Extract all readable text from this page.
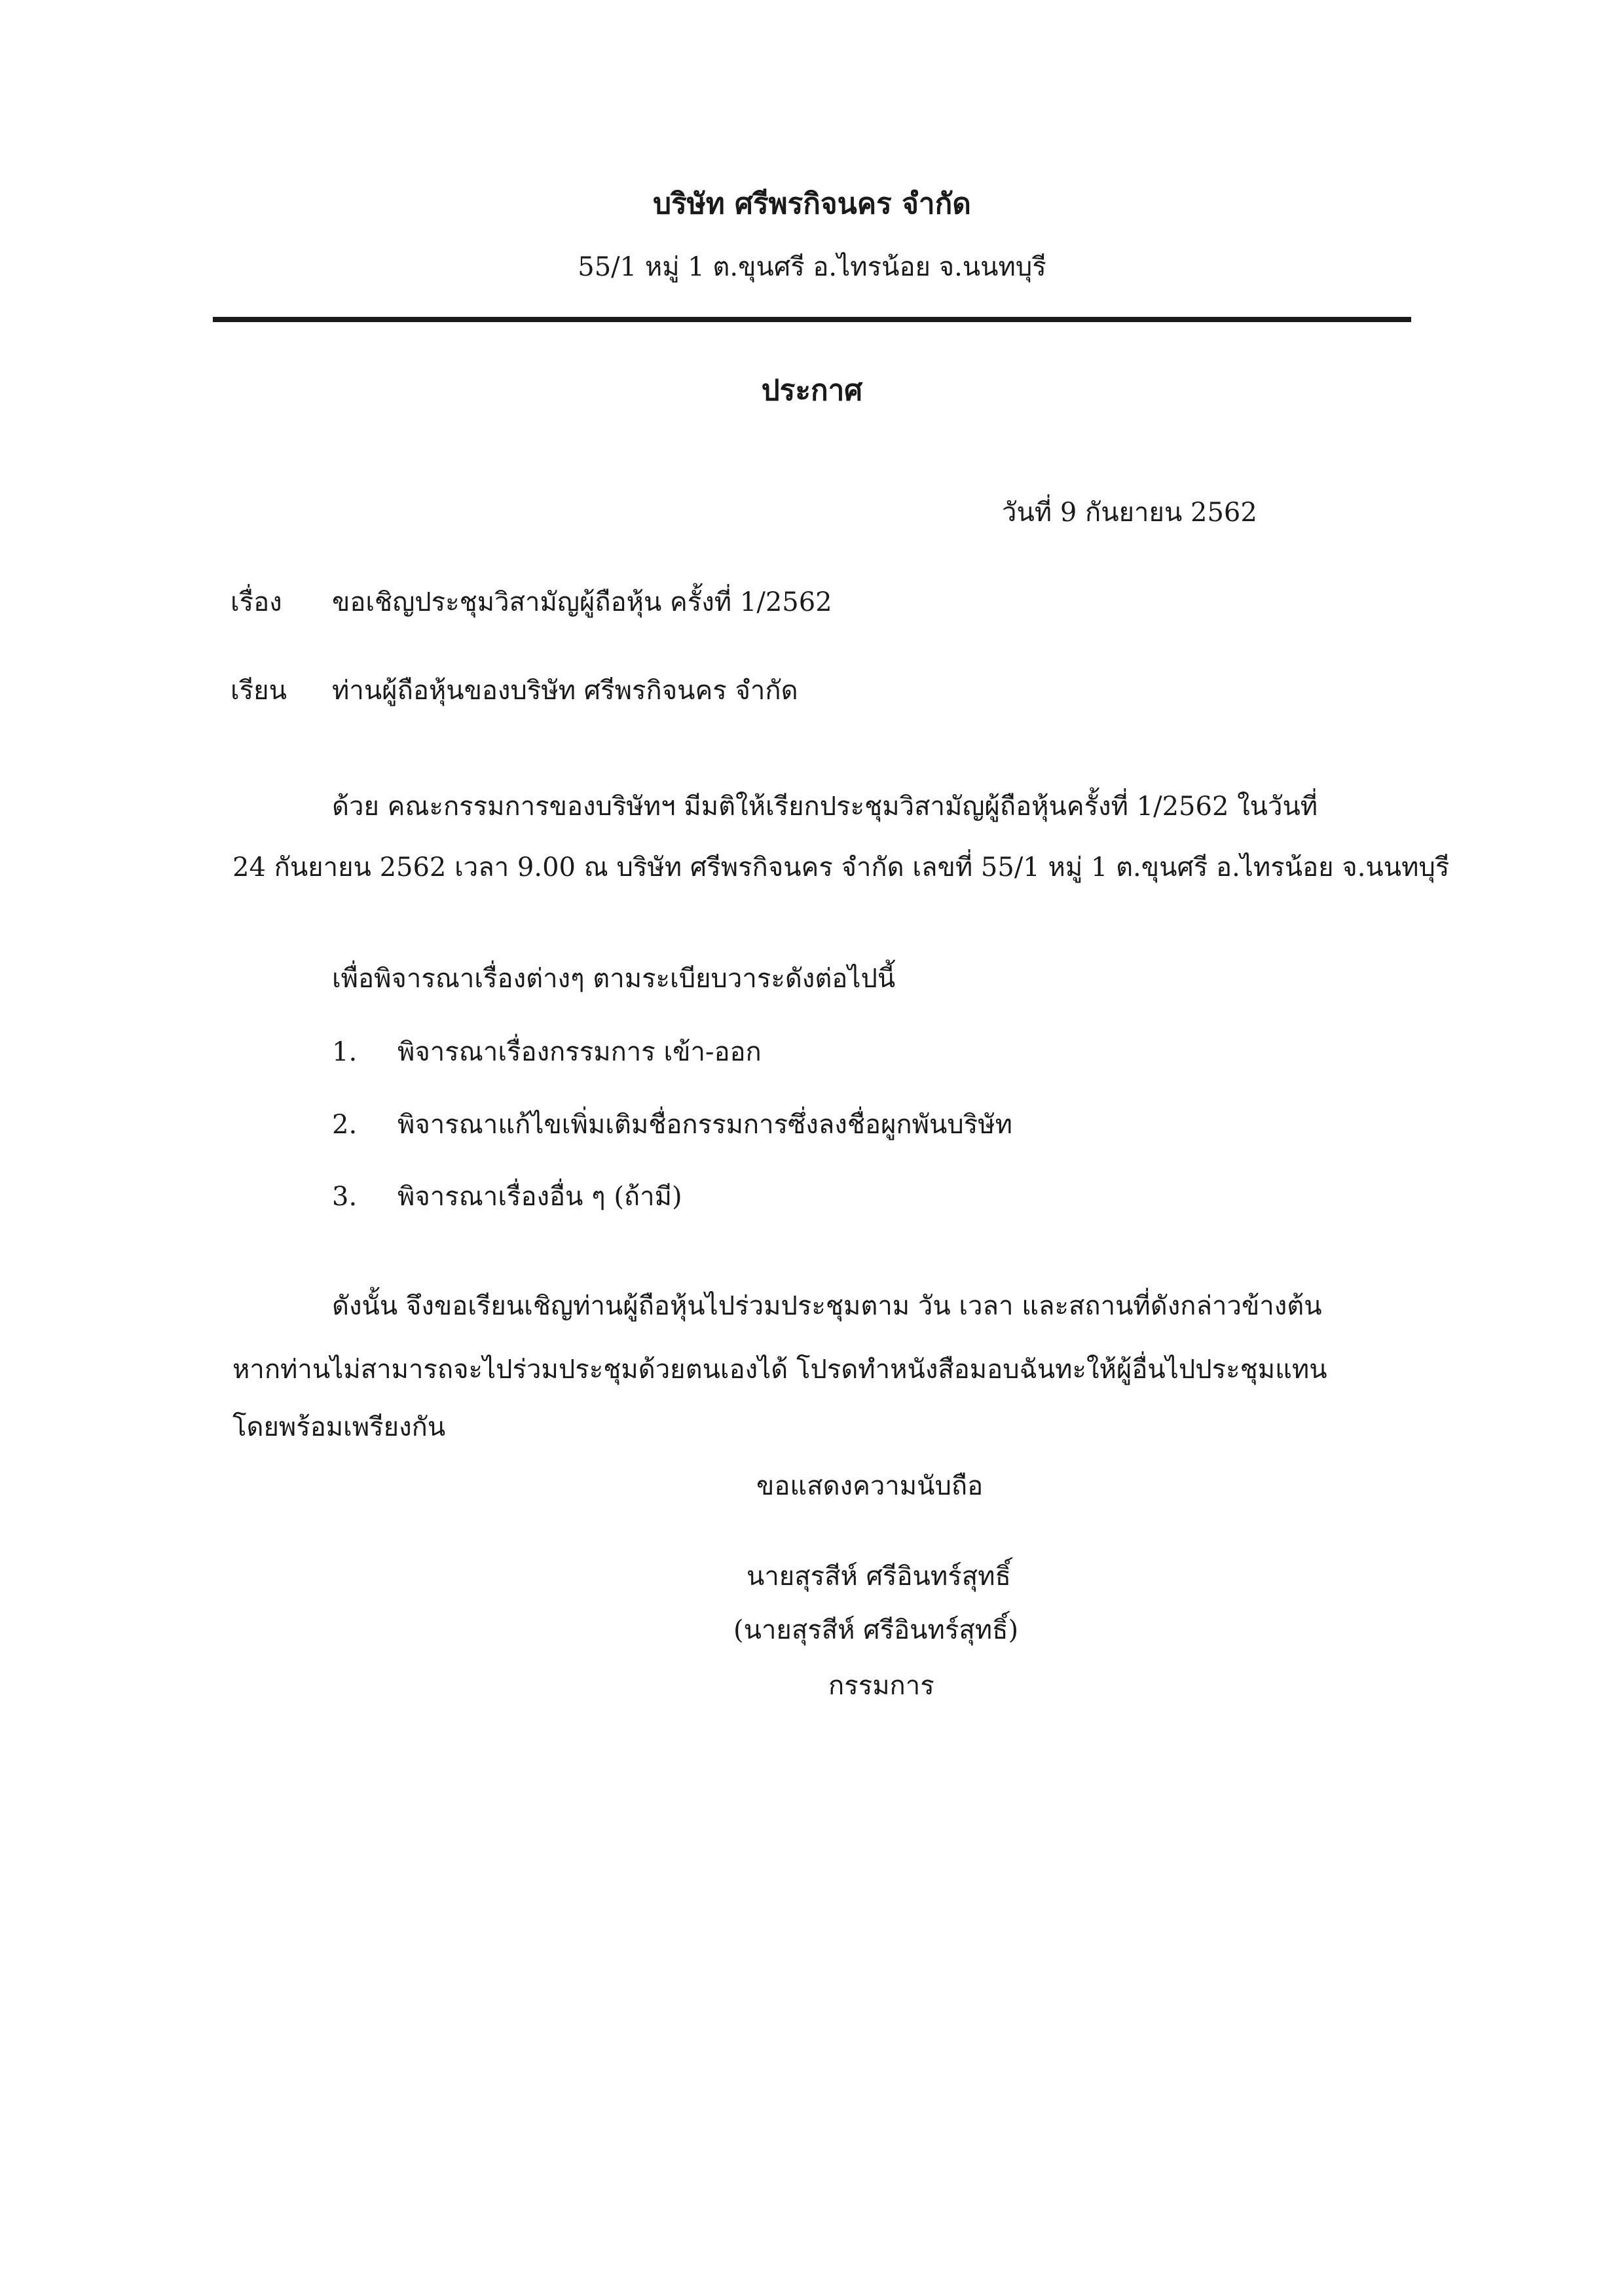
บริษัท ศรีพรกิจนคร จำกัด
55/1 หมู่ 1 ต.ขุนศรี อ.ไทรน้อย จ.นนทบุรี
ประกาศ
วันที่ 9 กันยายน 2562
เรื่อง ขอเชิญประชุมวิสามัญผู้ถือหุ้น ครั้งที่ 1/2562
เรียน ท่านผู้ถือหุ้นของบริษัท ศรีพรกิจนคร จำกัด
ด้วย คณะกรรมการของบริษัทฯ มีมติให้เรียกประชุมวิสามัญผู้ถือหุ้นครั้งที่ 1/2562 ในวันที่
24 กันยายน 2562 เวลา 9.00 ณ บริษัท ศรีพรกิจนคร จำกัด เลขที่ 55/1 หมู่ 1 ต.ขุนศรี อ.ไทรน้อย จ.นนทบุรี
เพื่อพิจารณาเรื่องต่างๆ ตามระเบียบวาระดังต่อไปนี้
1. พิจารณาเรื่องกรรมการ เข้า-ออก
2. พิจารณาแก้ไขเพิ่มเติมชื่อกรรมการซึ่งลงชื่อผูกพันบริษัท
3. พิจารณาเรื่องอื่น ๆ (ถ้ามี)
ดังนั้น จึงขอเรียนเชิญท่านผู้ถือหุ้นไปร่วมประชุมตาม วัน เวลา และสถานที่ดังกล่าวข้างต้น
หากท่านไม่สามารถจะไปร่วมประชุมด้วยตนเองได้ โปรดทำหนังสือมอบฉันทะให้ผู้อื่นไปประชุมแทน
โดยพร้อมเพรียงกัน
ขอแสดงความนับถือ
นายสุรสีห์ ศรีอินทร์สุทธิ์
(นายสุรสีห์ ศรีอินทร์สุทธิ์)
กรรมการ
